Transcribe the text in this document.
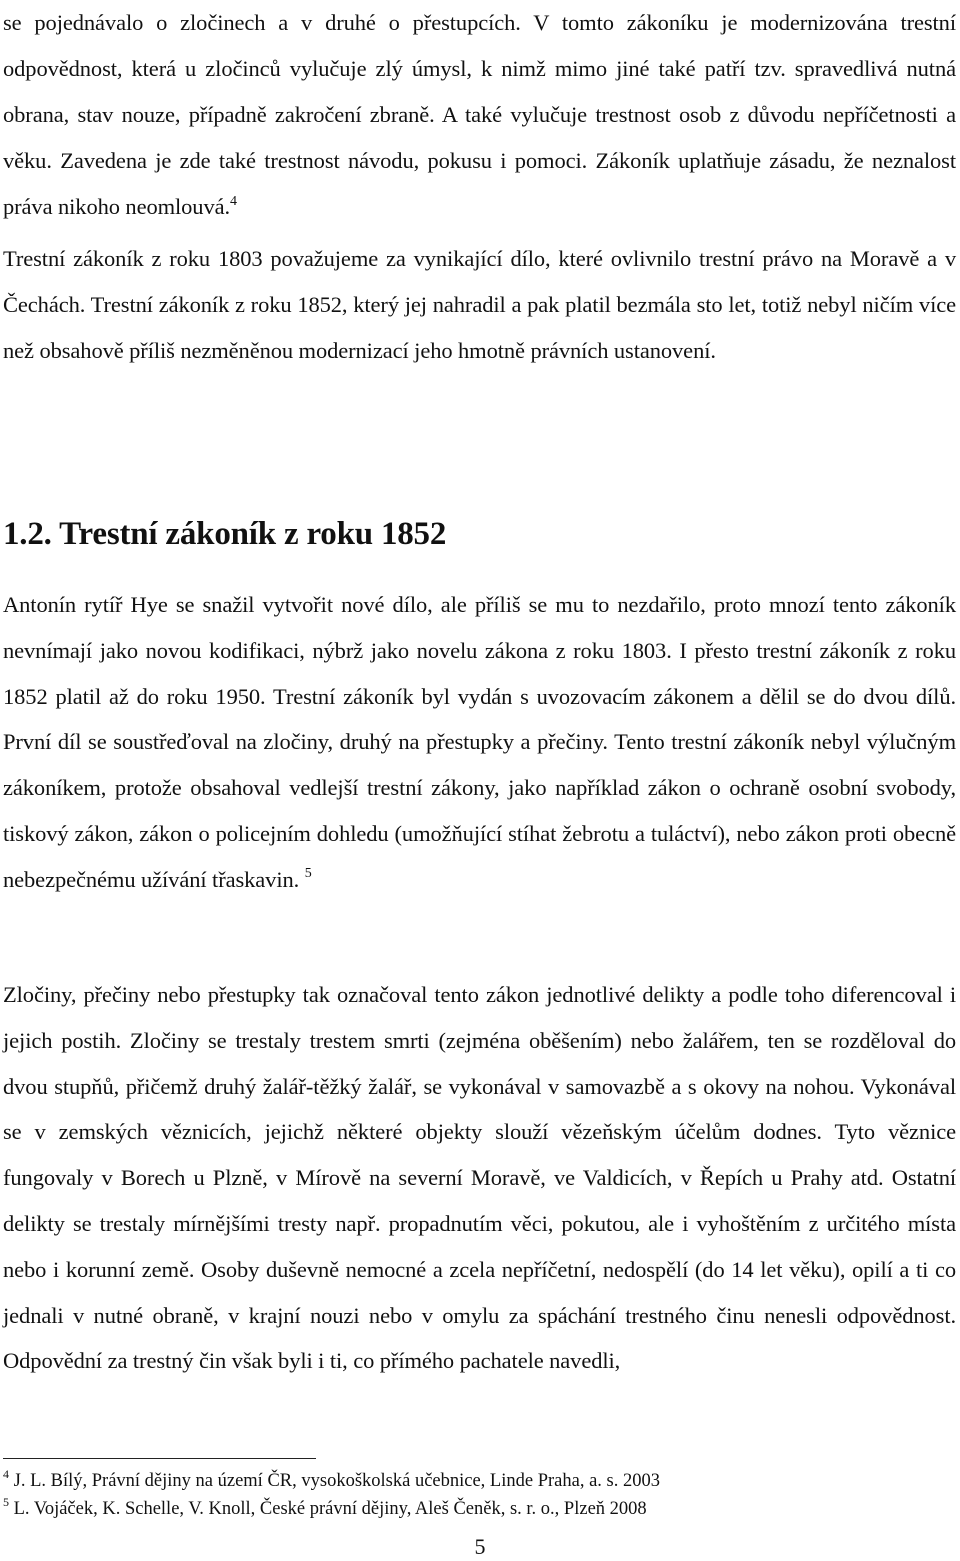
se pojednávalo o zločinech a v druhé o přestupcích. V tomto zákoníku je modernizována trestní odpovědnost, která u zločinců vylučuje zlý úmysl, k nimž mimo jiné také patří tzv. spravedlivá nutná obrana, stav nouze, případně zakročení zbraně. A také vylučuje trestnost osob z důvodu nepříčetnosti a věku. Zavedena je zde také trestnost návodu, pokusu i pomoci. Zákoník uplatňuje zásadu, že neznalost práva nikoho neomlouvá.$^4$

Trestní zákoník z roku 1803 považujeme za vynikající dílo, které ovlivnilo trestní právo na Moravě a v Čechách. Trestní zákoník z roku 1852, který jej nahradil a pak platil bezmála sto let, totiž nebyl ničím více než obsahově příliš nezměněnou modernizací jeho hmotně právních ustanovení.

1.2. Trestní zákoník z roku 1852

Antonín rytíř Hye se snažil vytvořit nové dílo, ale příliš se mu to nezdařilo, proto mnozí tento zákoník nevnímají jako novou kodifikaci, nýbrž jako novelu zákona z roku 1803. I přesto trestní zákoník z roku 1852 platil až do roku 1950. Trestní zákoník byl vydán s uvozovacím zákonem a dělil se do dvou dílů. První díl se soustřeďoval na zločiny, druhý na přestupky a přečiny. Tento trestní zákoník nebyl výlučným zákoníkem, protože obsahoval vedlejší trestní zákony, jako například zákon o ochraně osobní svobody, tiskový zákon, zákon o policejním dohledu (umožňující stíhat žebrotu a tuláctví), nebo zákon proti obecně nebezpečnému užívání třaskavin. $^5$

Zločiny, přečiny nebo přestupky tak označoval tento zákon jednotlivé delikty a podle toho diferencoval i jejich postih. Zločiny se trestaly trestem smrti (zejména oběšením) nebo žalářem, ten se rozděloval do dvou stupňů, přičemž druhý žalář-těžký žalář, se vykonával v samovazbě a s okovy na nohou. Vykonával se v zemských věznicích, jejichž některé objekty slouží vězeňským účelům dodnes. Tyto věznice fungovaly v Borech u Plzně, v Mírově na severní Moravě, ve Valdicích, v Řepích u Prahy atd. Ostatní delikty se trestaly mírnějšími tresty např. propadnutím věci, pokutou, ale i vyhoštěním z určitého místa nebo i korunní země. Osoby duševně nemocné a zcela nepříčetní, nedospělí (do 14 let věku), opilí a ti co jednali v nutné obraně, v krajní nouzi nebo v omylu za spáchání trestného činu nenesli odpovědnost. Odpovědní za trestný čin však byli i ti, co přímého pachatele navedli,

$^4$ J. L. Bílý, Právní dějiny na území ČR, vysokoškolská učebnice, Linde Praha, a. s. 2003

$^5$ L. Vojáček, K. Schelle, V. Knoll, České právní dějiny, Aleš Čeněk, s. r. o., Plzeň 2008

5
